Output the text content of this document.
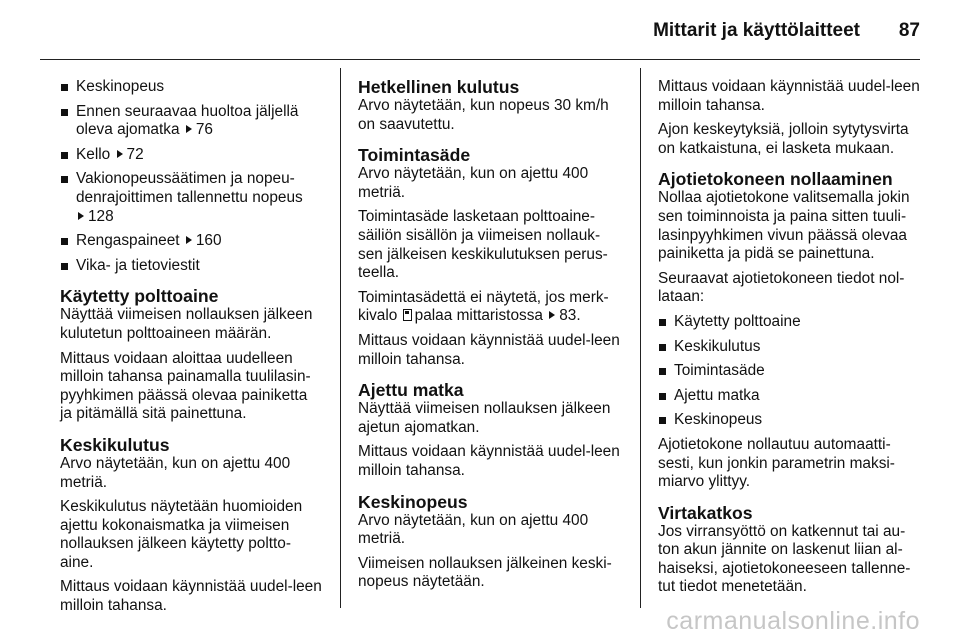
Mittarit ja käyttölaitteet 87
Keskinopeus
Ennen seuraavaa huoltoa jäljellä oleva ajomatka 76
Kello 72
Vakionopeussäätimen ja nopeu-denrajoittimen tallennettu nopeus
128
Rengaspaineet 160
Vika- ja tietoviestit
Käytetty polttoaine

Näyttää viimeisen nollauksen jälkeen kulutetun polttoaineen määrän.

Mittaus voidaan aloittaa uudelleen milloin tahansa painamalla tuulilasin-pyyhkimen päässä olevaa painiketta ja pitämällä sitä painettuna.

Keskikulutus

Arvo näytetään, kun on ajettu 400 metriä.

Keskikulutus näytetään huomioiden ajettu kokonaismatka ja viimeisen nollauksen jälkeen käytetty poltto-aine.

Mittaus voidaan käynnistää uudel-leen milloin tahansa.

Hetkellinen kulutus

Arvo näytetään, kun nopeus 30 km/h on saavutettu.

Toimintasäde

Arvo näytetään, kun on ajettu 400 metriä.

Toimintasäde lasketaan polttoaine-säiliön sisällön ja viimeisen nollauk-sen jälkeisen keskikulutuksen perus-teella.

Toimintasädettä ei näytetä, jos merk-kivalo palaa mittaristossa 83.

Mittaus voidaan käynnistää uudel-leen milloin tahansa.

Ajettu matka

Näyttää viimeisen nollauksen jälkeen ajetun ajomatkan.

Mittaus voidaan käynnistää uudel-leen milloin tahansa.

Keskinopeus

Arvo näytetään, kun on ajettu 400 metriä.

Viimeisen nollauksen jälkeinen keski-nopeus näytetään.

Mittaus voidaan käynnistää uudel-leen milloin tahansa.

Ajon keskeytyksiä, jolloin sytytysvirta on katkaistuna, ei lasketa mukaan.

Ajotietokoneen nollaaminen

Nollaa ajotietokone valitsemalla jokin sen toiminnoista ja paina sitten tuuli-lasinpyyhkimen vivun päässä olevaa painiketta ja pidä se painettuna.

Seuraavat ajotietokoneen tiedot nol-lataan:

Käytetty polttoaine
Keskikulutus
Toimintasäde
Ajettu matka
Keskinopeus

Ajotietokone nollautuu automaatti-sesti, kun jonkin parametrin maksi-miarvo ylittyy.

Virtakatkos

Jos virransyöttö on katkennut tai au-ton akun jännite on laskenut liian al-haiseksi, ajotietokoneeseen tallenne-tut tiedot menetetään.

carmanualsonline.info
